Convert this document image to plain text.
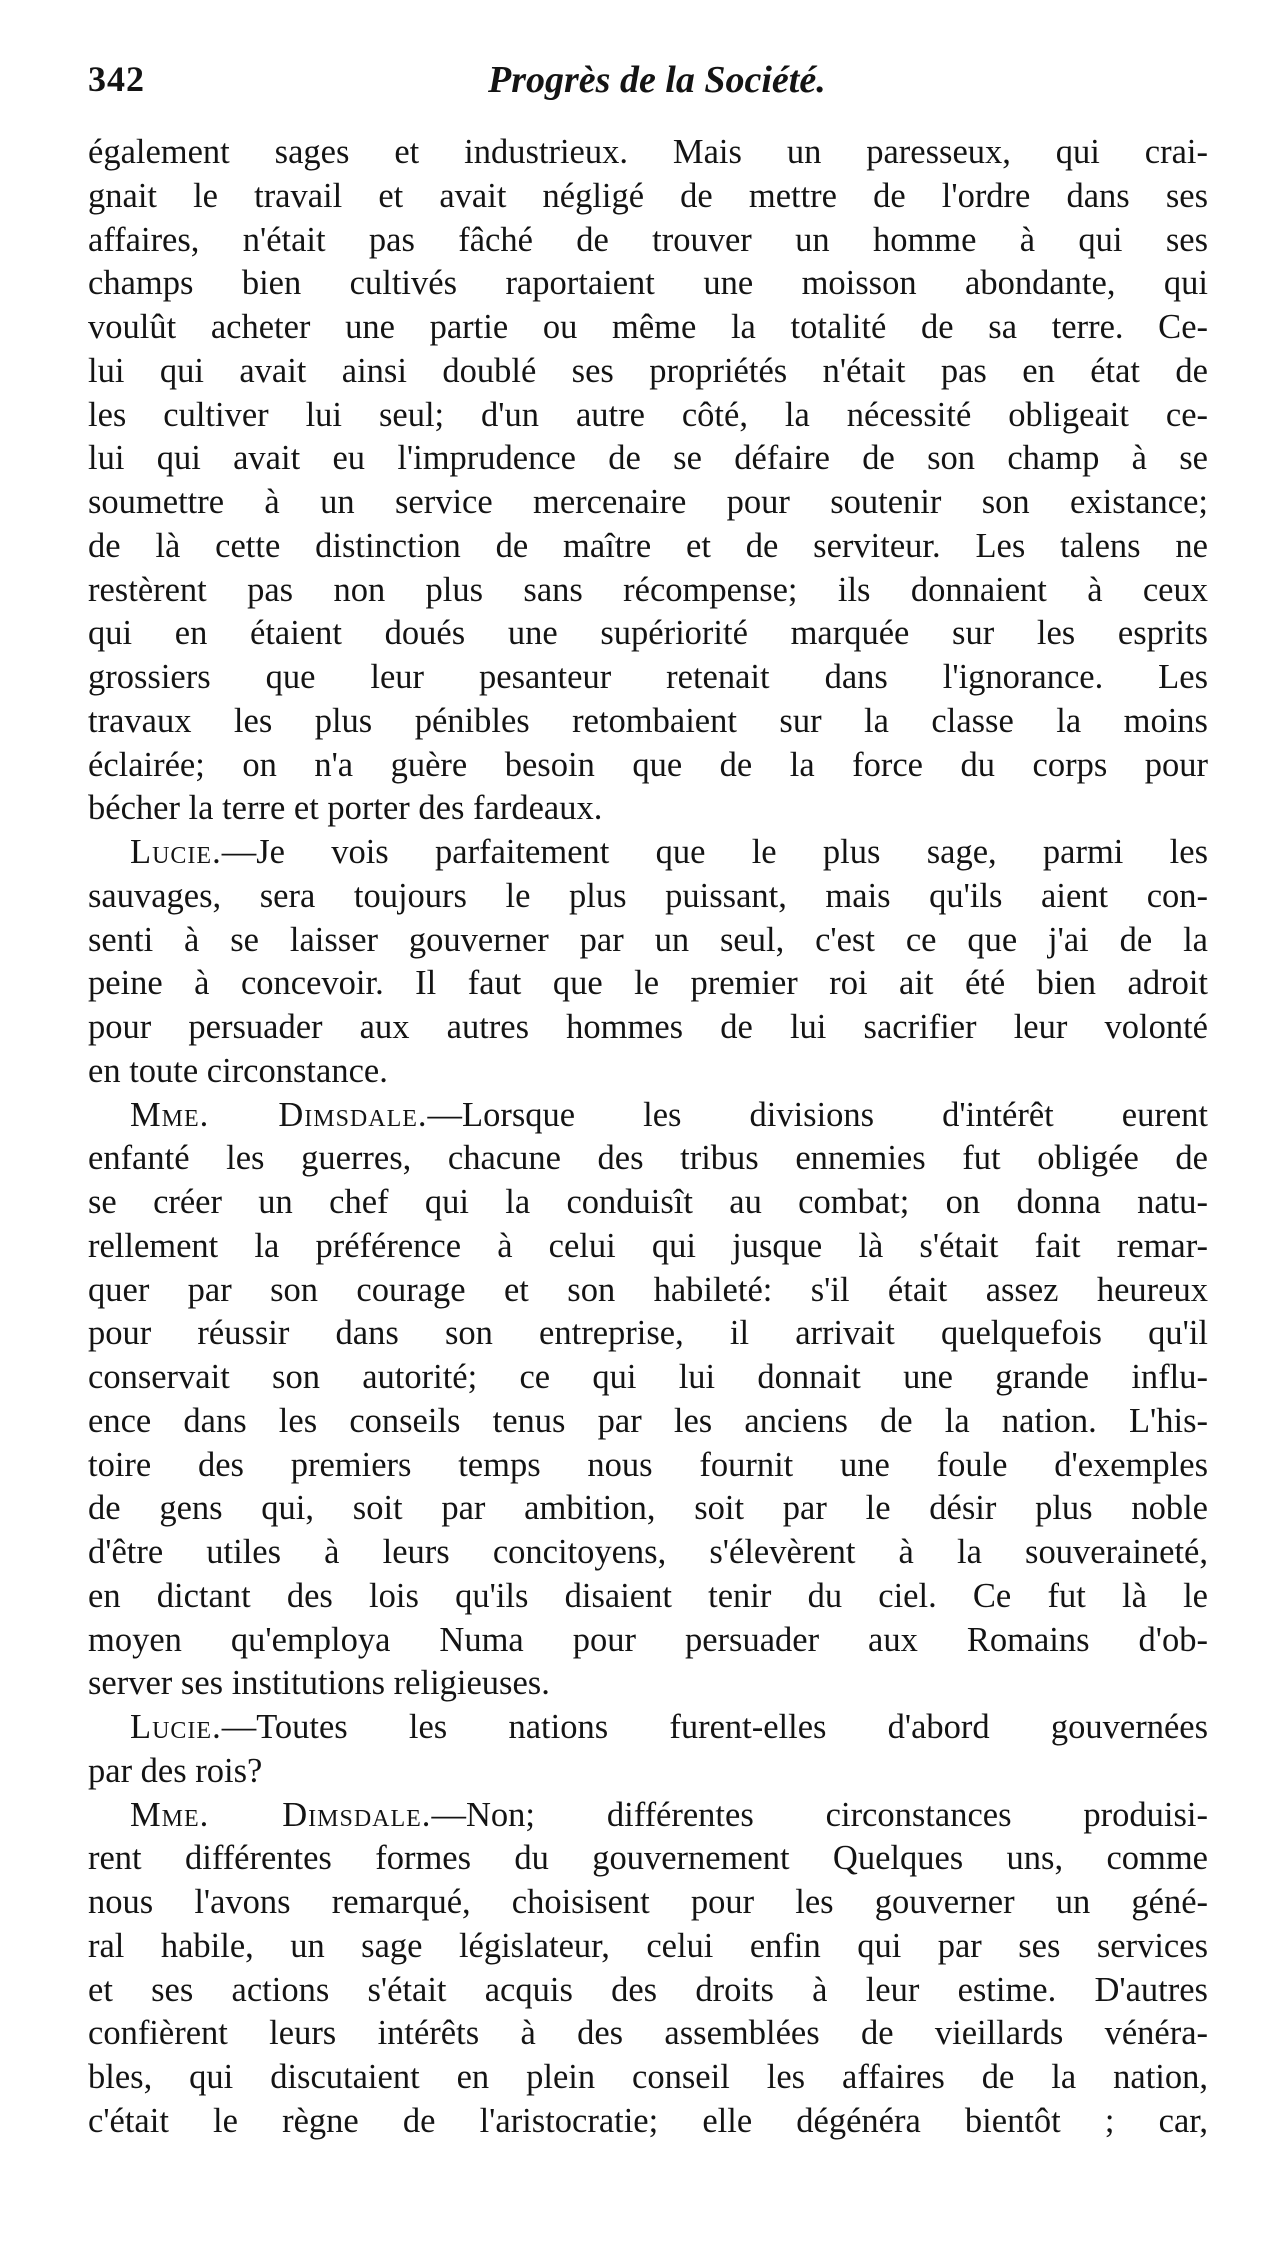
342	Progrès de la Société.
également sages et industrieux. Mais un paresseux, qui crai-
gnait le travail et avait négligé de mettre de l'ordre dans ses
affaires, n'était pas fâché de trouver un homme à qui ses
champs bien cultivés raportaient une moisson abondante, qui
voulût acheter une partie ou même la totalité de sa terre. Ce-
lui qui avait ainsi doublé ses propriétés n'était pas en état de
les cultiver lui seul; d'un autre côté, la nécessité obligeait ce-
lui qui avait eu l'imprudence de se défaire de son champ à se
soumettre à un service mercenaire pour soutenir son existance;
de là cette distinction de maître et de serviteur. Les talens ne
restèrent pas non plus sans récompense; ils donnaient à ceux
qui en étaient doués une supériorité marquée sur les esprits
grossiers que leur pesanteur retenait dans l'ignorance. Les
travaux les plus pénibles retombaient sur la classe la moins
éclairée; on n'a guère besoin que de la force du corps pour
bécher la terre et porter des fardeaux.
Lucie.—Je vois parfaitement que le plus sage, parmi les
sauvages, sera toujours le plus puissant, mais qu'ils aient con-
senti à se laisser gouverner par un seul, c'est ce que j'ai de la
peine à concevoir. Il faut que le premier roi ait été bien adroit
pour persuader aux autres hommes de lui sacrifier leur volonté
en toute circonstance.
Mme. Dimsdale.—Lorsque les divisions d'intérêt eurent
enfanté les guerres, chacune des tribus ennemies fut obligée de
se créer un chef qui la conduisît au combat; on donna natu-
rellement la préférence à celui qui jusque là s'était fait remar-
quer par son courage et son habileté: s'il était assez heureux
pour réussir dans son entreprise, il arrivait quelquefois qu'il
conservait son autorité; ce qui lui donnait une grande influ-
ence dans les conseils tenus par les anciens de la nation. L'his-
toire des premiers temps nous fournit une foule d'exemples
de gens qui, soit par ambition, soit par le désir plus noble
d'être utiles à leurs concitoyens, s'élevèrent à la souveraineté,
en dictant des lois qu'ils disaient tenir du ciel. Ce fut là le
moyen qu'employa Numa pour persuader aux Romains d'ob-
server ses institutions religieuses.
Lucie.—Toutes les nations furent-elles d'abord gouvernées
par des rois?
Mme. Dimsdale.—Non; différentes circonstances produisi-
rent différentes formes du gouvernement Quelques uns, comme
nous l'avons remarqué, choisisent pour les gouverner un géné-
ral habile, un sage législateur, celui enfin qui par ses services
et ses actions s'était acquis des droits à leur estime. D'autres
confièrent leurs intérêts à des assemblées de vieillards vénéra-
bles, qui discutaient en plein conseil les affaires de la nation,
c'était le règne de l'aristocratie; elle dégénéra bientôt ; car,
